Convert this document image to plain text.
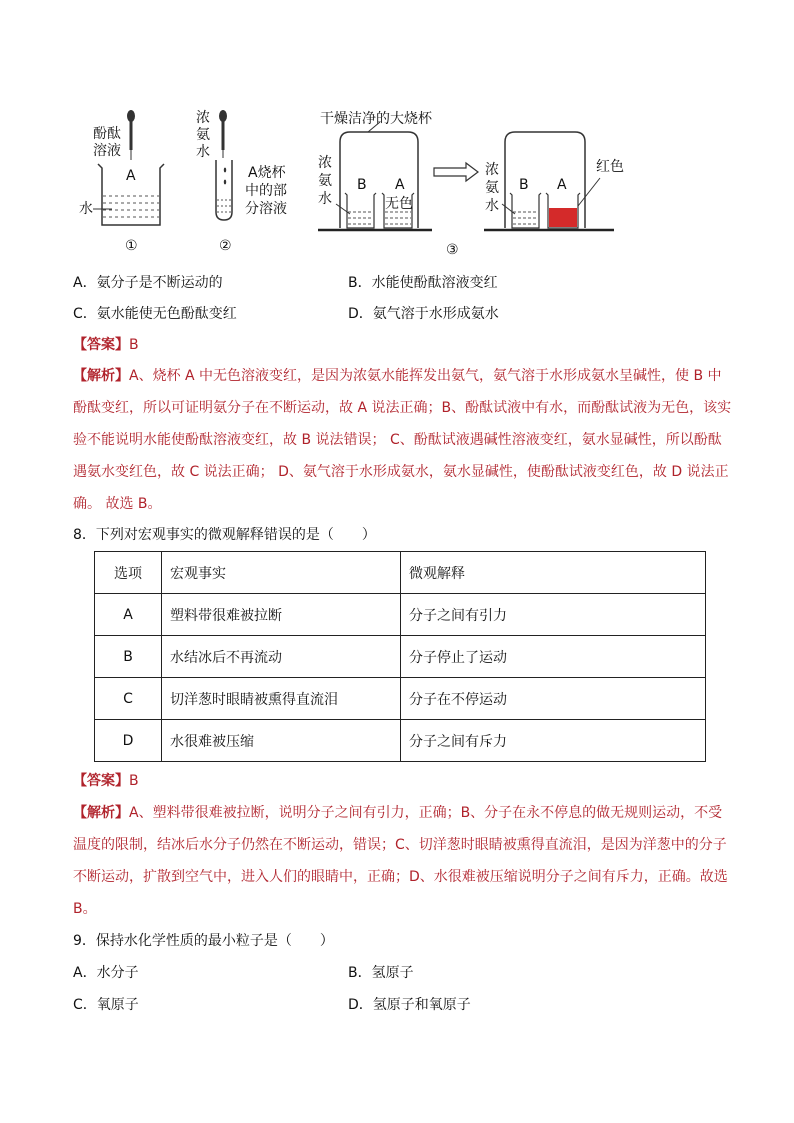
酚酞
溶液
A
水
浓
氨
水
A烧杯
中的部
分溶液
干燥洁净的大烧杯
浓
氨
水
B A
无色
浓
氨
水
B A
红色
①	②	③
A．氨分子是不断运动的	B．水能使酚酞溶液变红
C．氨水能使无色酚酞变红	D．氨气溶于水形成氨水
【答案】B
【解析】A、烧杯 A 中无色溶液变红，是因为浓氨水能挥发出氨气，氨气溶于水形成氨水呈碱性，使 B 中
酚酞变红，所以可证明氨分子在不断运动，故 A 说法正确；B、酚酞试液中有水，而酚酞试液为无色，该实
验不能说明水能使酚酞溶液变红，故 B 说法错误； C、酚酞试液遇碱性溶液变红，氨水显碱性，所以酚酞
遇氨水变红色，故 C 说法正确； D、氨气溶于水形成氨水，氨水显碱性，使酚酞试液变红色，故 D 说法正
确。 故选 B。
8．下列对宏观事实的微观解释错误的是（　　）
选项	宏观事实	微观解释
A	塑料带很难被拉断	分子之间有引力
B	水结冰后不再流动	分子停止了运动
C	切洋葱时眼睛被熏得直流泪	分子在不停运动
D	水很难被压缩	分子之间有斥力
【答案】B
【解析】A、塑料带很难被拉断，说明分子之间有引力，正确；B、分子在永不停息的做无规则运动，不受
温度的限制，结冰后水分子仍然在不断运动，错误；C、切洋葱时眼睛被熏得直流泪，是因为洋葱中的分子
不断运动，扩散到空气中，进入人们的眼睛中，正确；D、水很难被压缩说明分子之间有斥力，正确。故选
B。
9．保持水化学性质的最小粒子是（　　）
A．水分子	B．氢原子
C．氧原子	D．氢原子和氧原子
